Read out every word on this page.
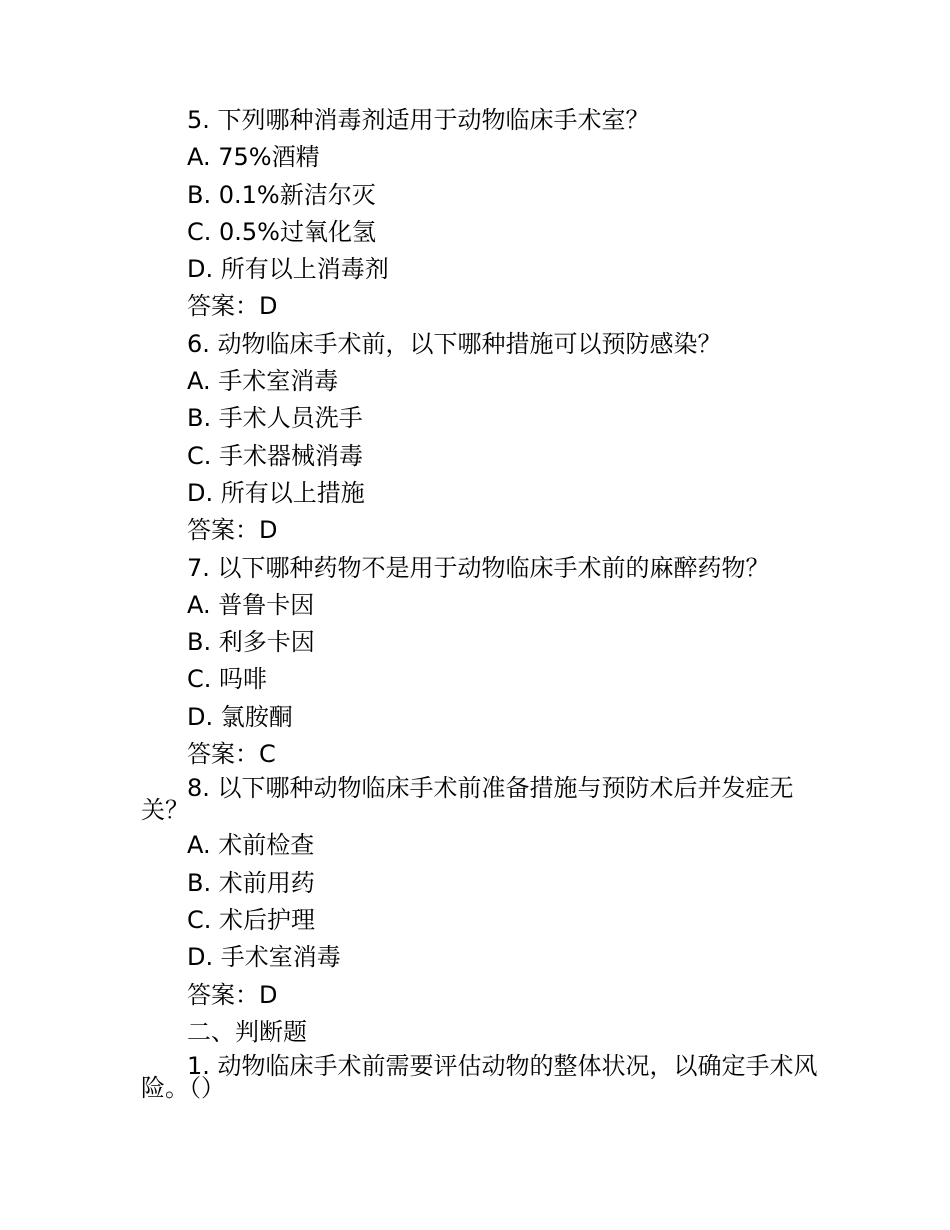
5. 下列哪种消毒剂适用于动物临床手术室？
A. 75%酒精
B. 0.1%新洁尔灭
C. 0.5%过氧化氢
D. 所有以上消毒剂
答案：D
6. 动物临床手术前，以下哪种措施可以预防感染？
A. 手术室消毒
B. 手术人员洗手
C. 手术器械消毒
D. 所有以上措施
答案：D
7. 以下哪种药物不是用于动物临床手术前的麻醉药物？
A. 普鲁卡因
B. 利多卡因
C. 吗啡
D. 氯胺酮
答案：C
8. 以下哪种动物临床手术前准备措施与预防术后并发症无关？
A. 术前检查
B. 术前用药
C. 术后护理
D. 手术室消毒
答案：D
二、判断题
1. 动物临床手术前需要评估动物的整体状况，以确定手术风险。（）
